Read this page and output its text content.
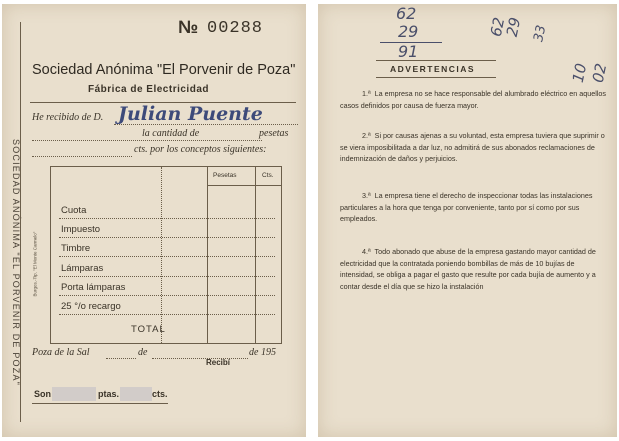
SOCIEDAD ANÓNIMA "EL PORVENIR DE POZA"
№ 00288
Sociedad Anónima "El Porvenir de Poza"
Fábrica de Electricidad
He recibido de D. Julian Puente
la cantidad de	pesetas
cts. por los conceptos siguientes:
Burgos.-Tip. "El Monte Carmelo"
Pesetas	Cts.
Cuota
Impuesto
Timbre
Lámparas
Porta lámparas
25 °/o recargo
TOTAL
Poza de la Sal	de	de 195
Recibí
Son	ptas.	cts.
62
29
91
62
29 33
10
02
ADVERTENCIAS
1.ª La empresa no se hace responsable del alumbrado eléctrico en aquellos casos definidos por causa de fuerza mayor.
2.ª Si por causas ajenas a su voluntad, esta empresa tuviera que suprimir o se viera imposibilitada a dar luz, no admitirá de sus abonados reclamaciones de indemnización de daños y perjuicios.
3.ª La empresa tiene el derecho de inspeccionar todas las instalaciones particulares a la hora que tenga por conveniente, tanto por sí como por sus empleados.
4.ª Todo abonado que abuse de la empresa gastando mayor cantidad de electricidad que la contratada poniendo bombillas de más de 10 bujías de intensidad, se obliga a pagar el gasto que resulte por cada bujía de aumento y a contar desde el día que se hizo la instalación
